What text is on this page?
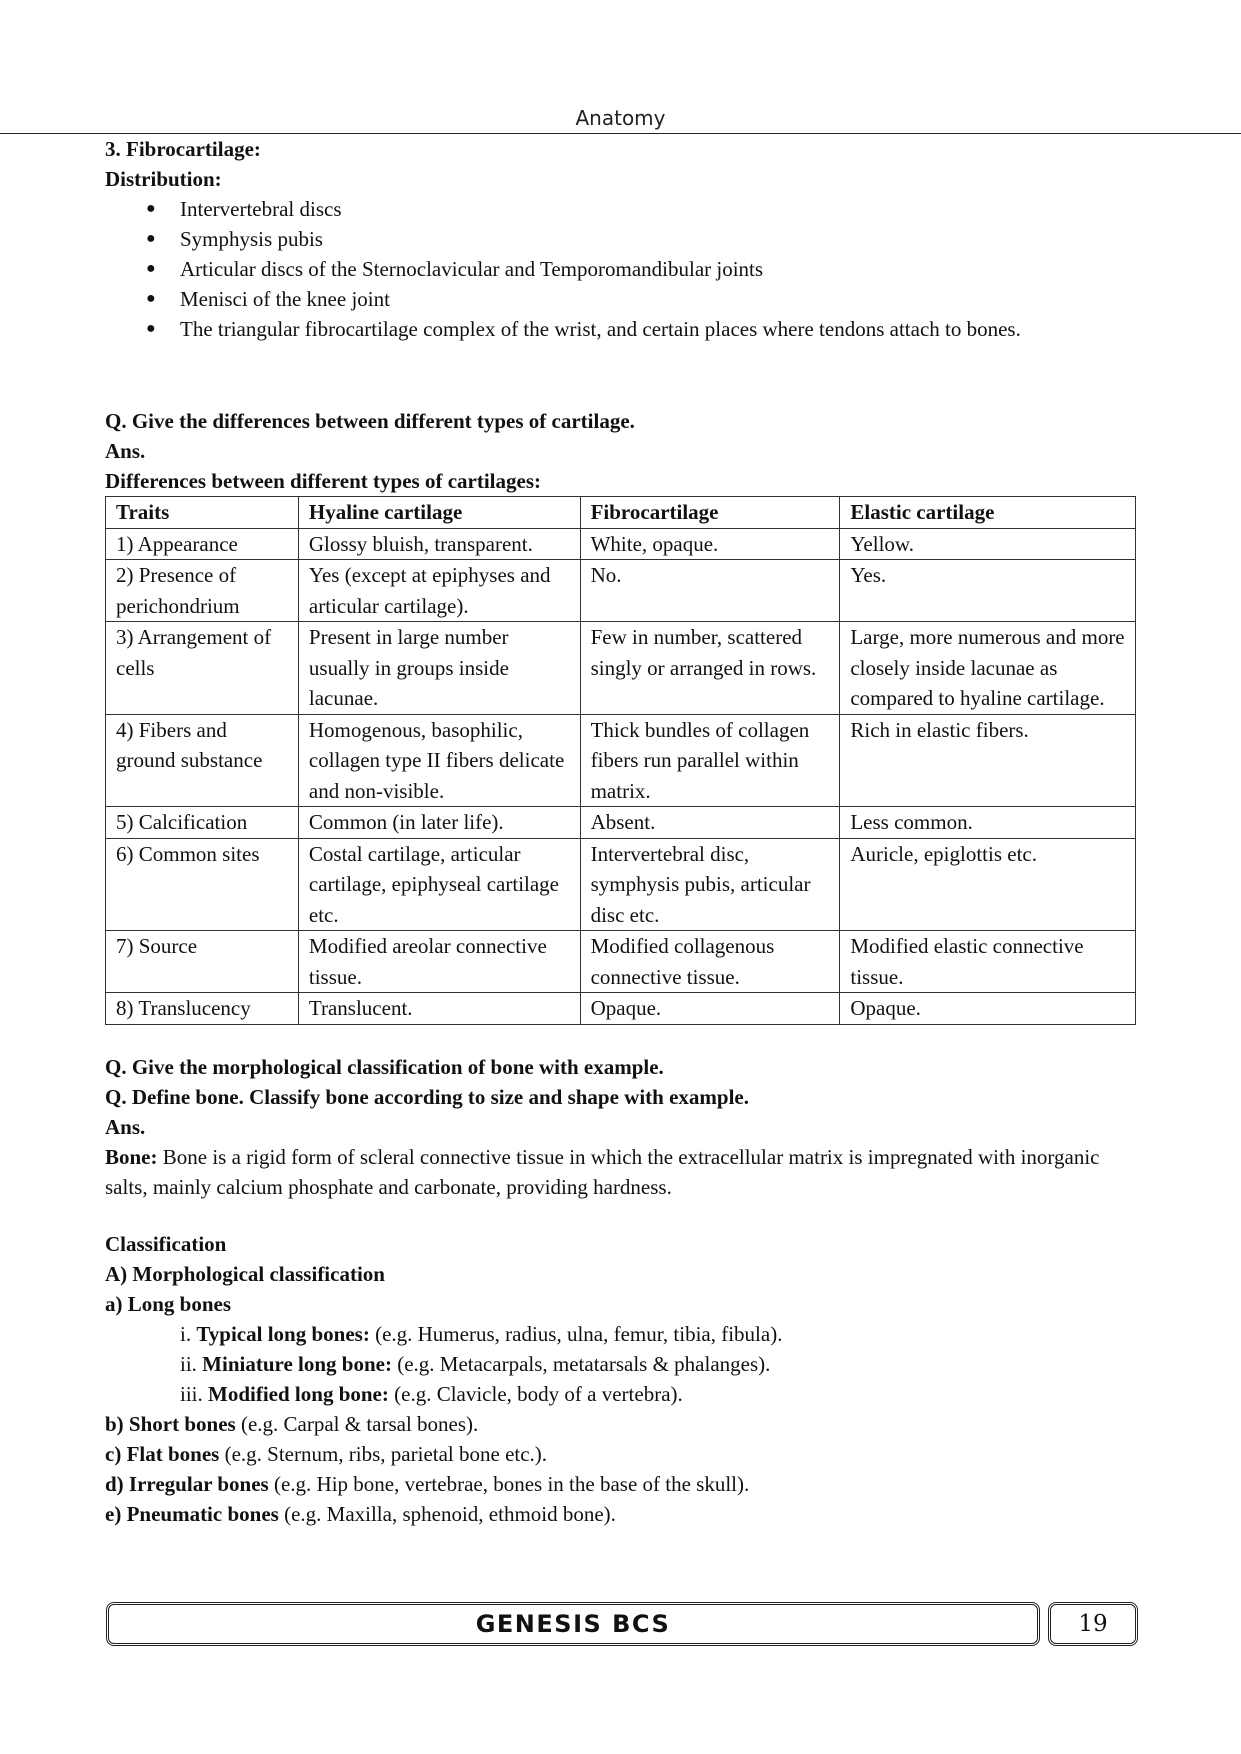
Anatomy

3. Fibrocartilage:

Distribution:

● Intervertebral discs
● Symphysis pubis
● Articular discs of the Sternoclavicular and Temporomandibular joints
● Menisci of the knee joint
● The triangular fibrocartilage complex of the wrist, and certain places where tendons attach to bones.

Q. Give the differences between different types of cartilage.

Ans.

Differences between different types of cartilages:

Traits	Hyaline cartilage	Fibrocartilage	Elastic cartilage
1) Appearance	Glossy bluish, transparent.	White, opaque.	Yellow.
2) Presence of perichondrium	Yes (except at epiphyses and articular cartilage).	No.	Yes.
3) Arrangement of cells	Present in large number usually in groups inside lacunae.	Few in number, scattered singly or arranged in rows.	Large, more numerous and more closely inside lacunae as compared to hyaline cartilage.
4) Fibers and ground substance	Homogenous, basophilic, collagen type II fibers delicate and non-visible.	Thick bundles of collagen fibers run parallel within matrix.	Rich in elastic fibers.
5) Calcification	Common (in later life).	Absent.	Less common.
6) Common sites	Costal cartilage, articular cartilage, epiphyseal cartilage etc.	Intervertebral disc, symphysis pubis, articular disc etc.	Auricle, epiglottis etc.
7) Source	Modified areolar connective tissue.	Modified collagenous connective tissue.	Modified elastic connective tissue.
8) Translucency	Translucent.	Opaque.	Opaque.

Q. Give the morphological classification of bone with example.

Q. Define bone. Classify bone according to size and shape with example.

Ans.

Bone: Bone is a rigid form of scleral connective tissue in which the extracellular matrix is impregnated with inorganic salts, mainly calcium phosphate and carbonate, providing hardness.

Classification

A) Morphological classification

a) Long bones

i. Typical long bones: (e.g. Humerus, radius, ulna, femur, tibia, fibula).

ii. Miniature long bone: (e.g. Metacarpals, metatarsals & phalanges).

iii. Modified long bone: (e.g. Clavicle, body of a vertebra).

b) Short bones (e.g. Carpal & tarsal bones).

c) Flat bones (e.g. Sternum, ribs, parietal bone etc.).

d) Irregular bones (e.g. Hip bone, vertebrae, bones in the base of the skull).

e) Pneumatic bones (e.g. Maxilla, sphenoid, ethmoid bone).

GENESIS BCS	19
